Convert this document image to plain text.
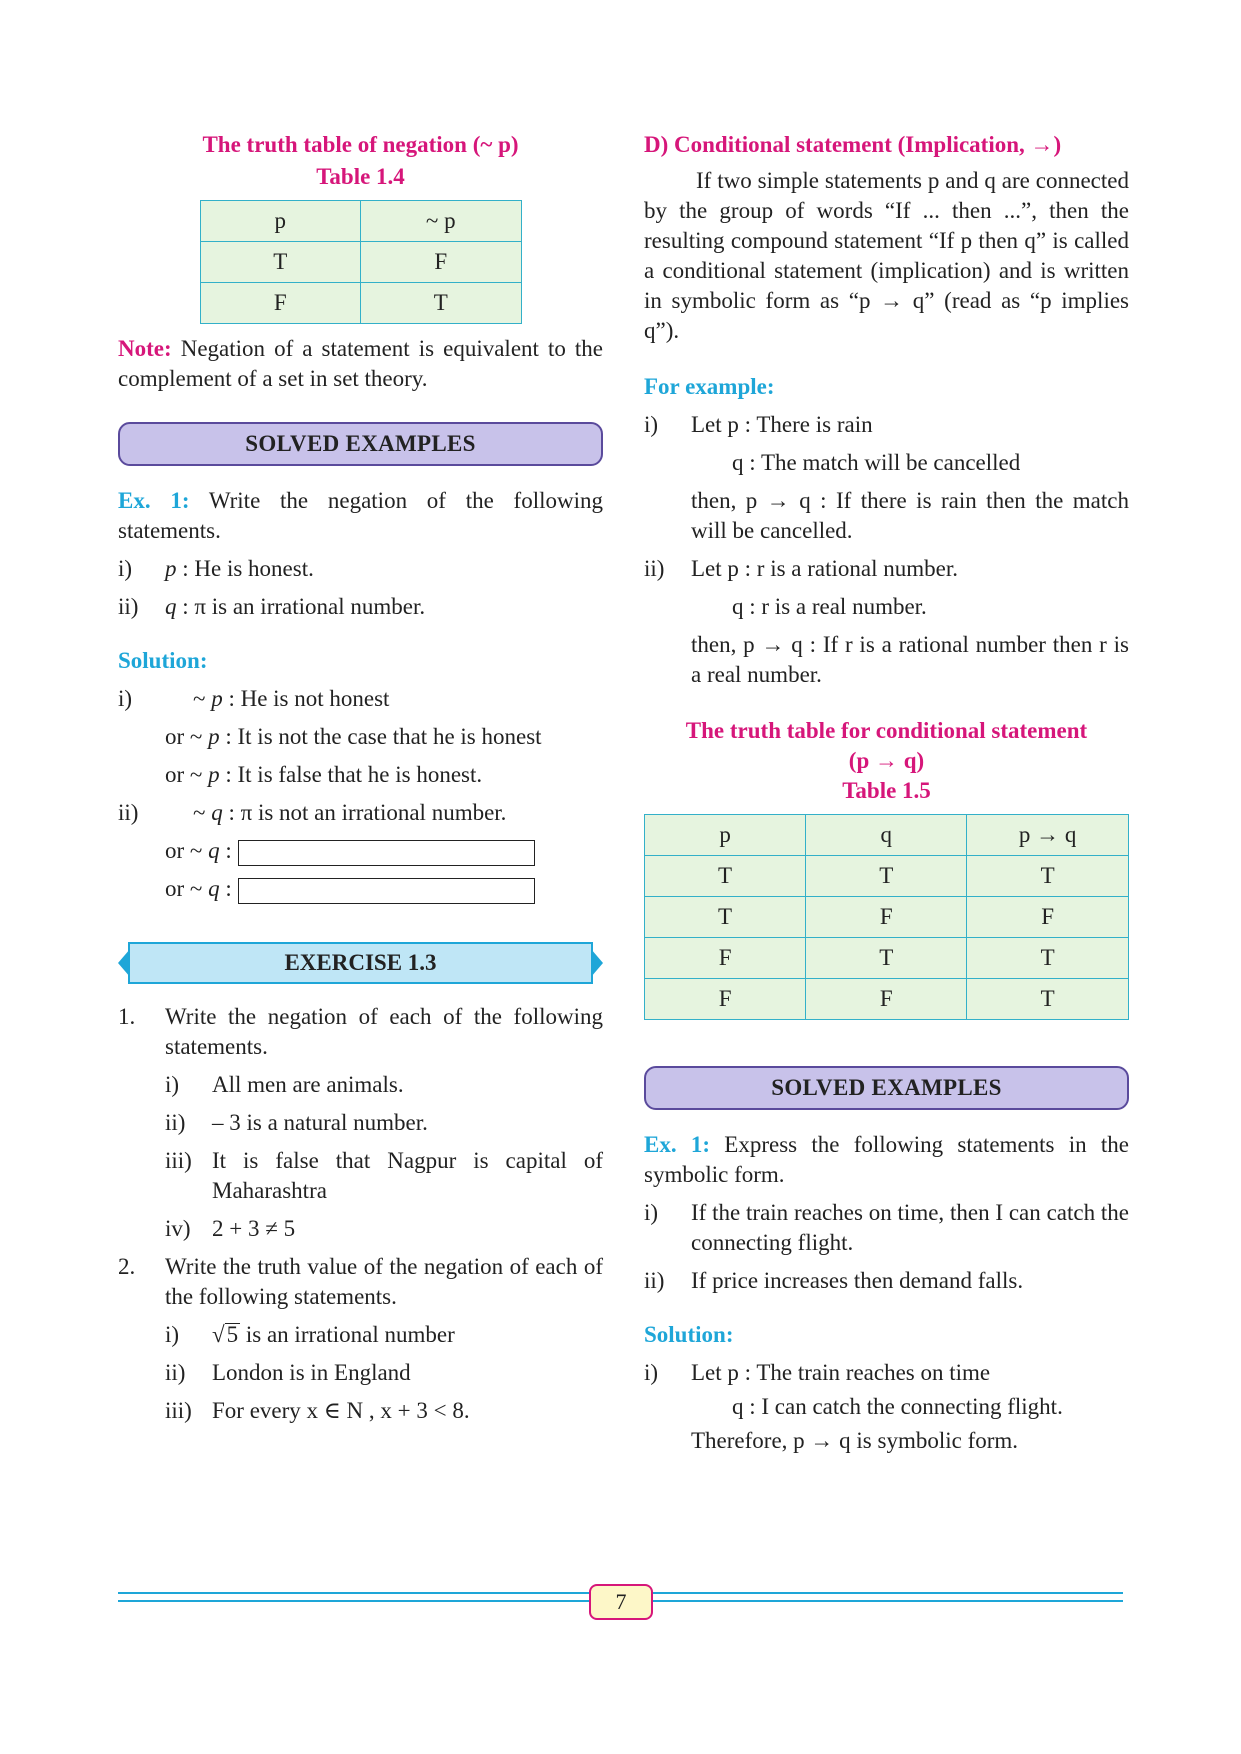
The truth table of negation (~ p)
Table 1.4
p	~ p
T	F
F	T

Note: Negation of a statement is equivalent to the complement of a set in set theory.

SOLVED EXAMPLES

Ex. 1: Write the negation of the following statements.

i)	p : He is honest.
ii)	q : π is an irrational number.
Solution:
i)	~ p : He is not honest
or ~ p : It is not the case that he is honest
or ~ p : It is false that he is honest.
ii)	~ q : π is not an irrational number.
or ~ q :
or ~ q :
EXERCISE 1.3
1.	Write the negation of each of the following statements.
i)	All men are animals.
ii)	– 3 is a natural number.
iii) It is false that Nagpur is capital of Maharashtra
iv) 2 + 3 ≠ 5
2.	Write the truth value of the negation of each of the following statements.
i)	√5 is an irrational number
ii)	London is in England
iii) For every x ∈ N , x + 3 < 8.
D) Conditional statement (Implication, →)

If two simple statements p and q are connected by the group of words “If ... then ...”, then the resulting compound statement “If p then q” is called a conditional statement (implication) and is written in symbolic form as “p → q” (read as “p implies q”).

For example:
i)	Let p : There is rain
q : The match will be cancelled
then, p → q : If there is rain then the match will be cancelled.
ii)	Let p : r is a rational number.
q : r is a real number.
then, p → q : If r is a rational number then r is a real number.
The truth table for conditional statement
(p → q)
Table 1.5
p	q	p → q
T	T	T
T	F	F
F	T	T
F	F	T
SOLVED EXAMPLES

Ex. 1: Express the following statements in the symbolic form.

i)	If the train reaches on time, then I can catch the connecting flight.
ii)	If price increases then demand falls.
Solution:
i)	Let p : The train reaches on time
q : I can catch the connecting flight.
Therefore, p → q is symbolic form.
7
